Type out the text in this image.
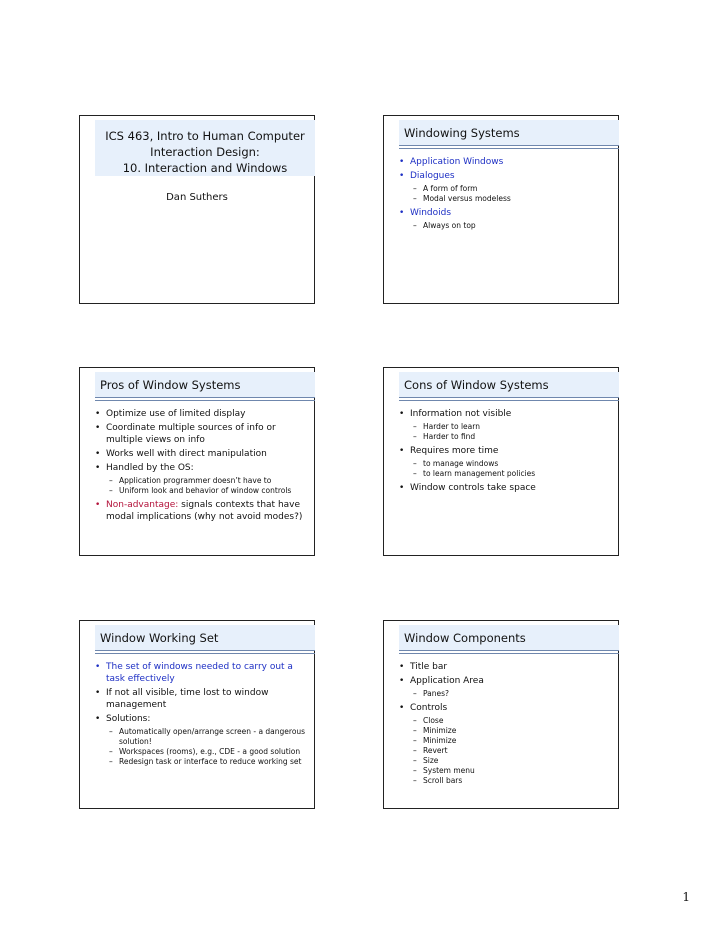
ICS 463, Intro to Human Computer
Interaction Design:
10. Interaction and Windows
Dan Suthers
Windowing Systems
• Application Windows
• Dialogues
– A form of form
– Modal versus modeless
• Windoids
– Always on top
Pros of Window Systems
• Optimize use of limited display
• Coordinate multiple sources of info or multiple views on info
• Works well with direct manipulation
• Handled by the OS:
– Application programmer doesn’t have to
– Uniform look and behavior of window controls
• Non-advantage: signals contexts that have modal implications (why not avoid modes?)
Cons of Window Systems
• Information not visible
– Harder to learn
– Harder to find
• Requires more time
– to manage windows
– to learn management policies
• Window controls take space
Window Working Set
• The set of windows needed to carry out a task effectively
• If not all visible, time lost to window management
• Solutions:
– Automatically open/arrange screen - a dangerous solution!
– Workspaces (rooms), e.g., CDE - a good solution
– Redesign task or interface to reduce working set
Window Components
• Title bar
• Application Area
– Panes?
• Controls
– Close
– Minimize
– Minimize
– Revert
– Size
– System menu
– Scroll bars
1
